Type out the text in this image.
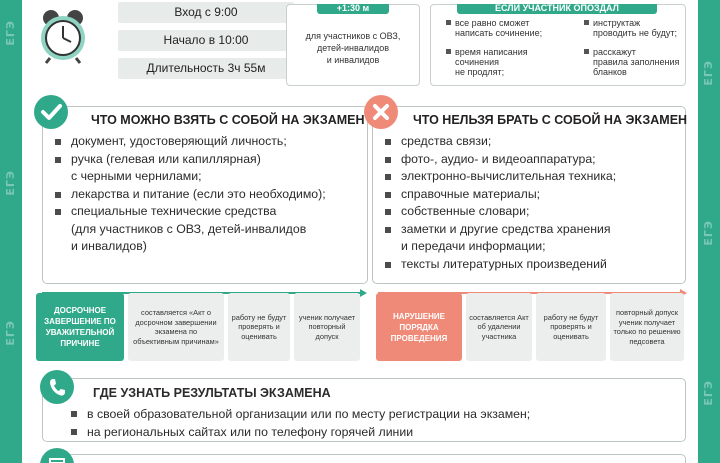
ЕГЭ
ЕГЭ
ЕГЭ
ЕГЭ
ЕГЭ
ЕГЭ
Вход с 9:00
Начало в 10:00
Длительность 3ч 55м
+1:30 м
для участников с ОВЗ,
детей-инвалидов
и инвалидов
ЕСЛИ УЧАСТНИК ОПОЗДАЛ
все равно сможет
написать сочинение;
время написания
сочинения
не продлят;
инструктаж
проводить не будут;
расскажут
правила заполнения
бланков
ЧТО МОЖНО ВЗЯТЬ С СОБОЙ НА ЭКЗАМЕН
документ, удостоверяющий личность;
ручка (гелевая или капиллярная)
с черными чернилами;
лекарства и питание (если это необходимо);
специальные технические средства
(для участников с ОВЗ, детей-инвалидов
и инвалидов)
ЧТО НЕЛЬЗЯ БРАТЬ С СОБОЙ НА ЭКЗАМЕН
средства связи;
фото-, аудио- и видеоаппаратура;
электронно-вычислительная техника;
справочные материалы;
собственные словари;
заметки и другие средства хранения
и передачи информации;
тексты литературных произведений
ДОСРОЧНОЕ ЗАВЕРШЕНИЕ ПО УВАЖИТЕЛЬНОЙ ПРИЧИНЕ
составляется «Акт о досрочном завершении экзамена по объективным причинам»
работу не будут проверять и оценивать
ученик получает повторный допуск
НАРУШЕНИЕ ПОРЯДКА ПРОВЕДЕНИЯ
составляется Акт об удалении участника
работу не будут проверять и оценивать
повторный допуск ученик получает только по решению педсовета
ГДЕ УЗНАТЬ РЕЗУЛЬТАТЫ ЭКЗАМЕНА
в своей образовательной организации или по месту регистрации на экзамен;
на региональных сайтах или по телефону горячей линии
